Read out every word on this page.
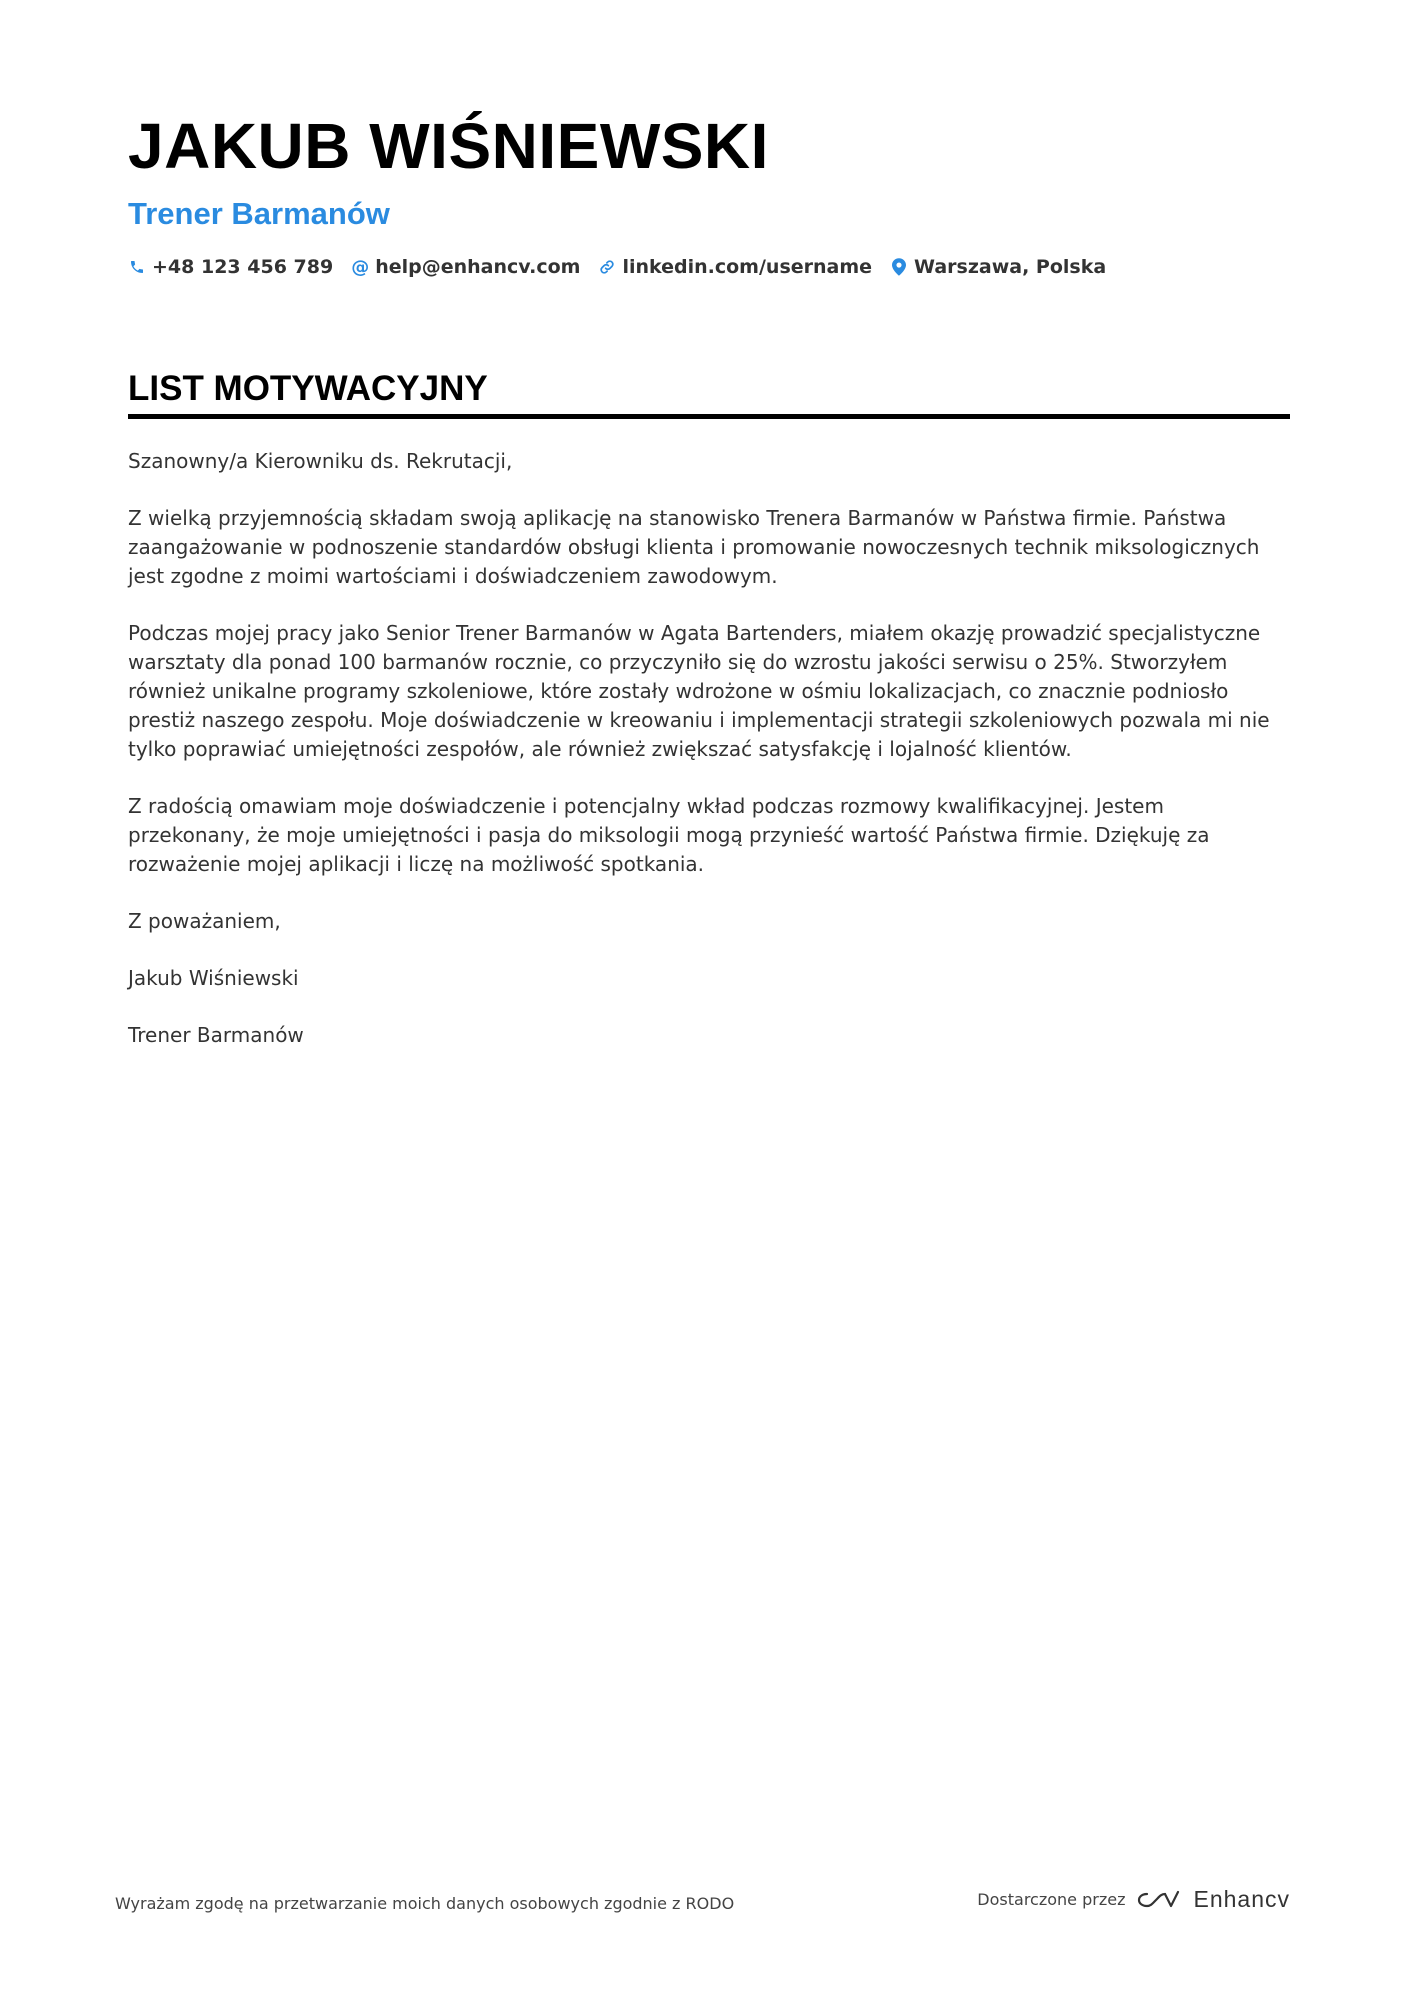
JAKUB WIŚNIEWSKI
Trener Barmanów
+48 123 456 789 @ help@enhancv.com linkedin.com/username Warszawa, Polska
LIST MOTYWACYJNY

Szanowny/a Kierowniku ds. Rekrutacji,

Z wielką przyjemnością składam swoją aplikację na stanowisko Trenera Barmanów w Państwa firmie. Państwa zaangażowanie w podnoszenie standardów obsługi klienta i promowanie nowoczesnych technik miksologicznych jest zgodne z moimi wartościami i doświadczeniem zawodowym.

Podczas mojej pracy jako Senior Trener Barmanów w Agata Bartenders, miałem okazję prowadzić specjalistyczne warsztaty dla ponad 100 barmanów rocznie, co przyczyniło się do wzrostu jakości serwisu o 25%. Stworzyłem również unikalne programy szkoleniowe, które zostały wdrożone w ośmiu lokalizacjach, co znacznie podniosło prestiż naszego zespołu. Moje doświadczenie w kreowaniu i implementacji strategii szkoleniowych pozwala mi nie tylko poprawiać umiejętności zespołów, ale również zwiększać satysfakcję i lojalność klientów.

Z radością omawiam moje doświadczenie i potencjalny wkład podczas rozmowy kwalifikacyjnej. Jestem przekonany, że moje umiejętności i pasja do miksologii mogą przynieść wartość Państwa firmie. Dziękuję za rozważenie mojej aplikacji i liczę na możliwość spotkania.

Z poważaniem,

Jakub Wiśniewski

Trener Barmanów

Wyrażam zgodę na przetwarzanie moich danych osobowych zgodnie z RODO	Dostarczone przez	Enhancv
